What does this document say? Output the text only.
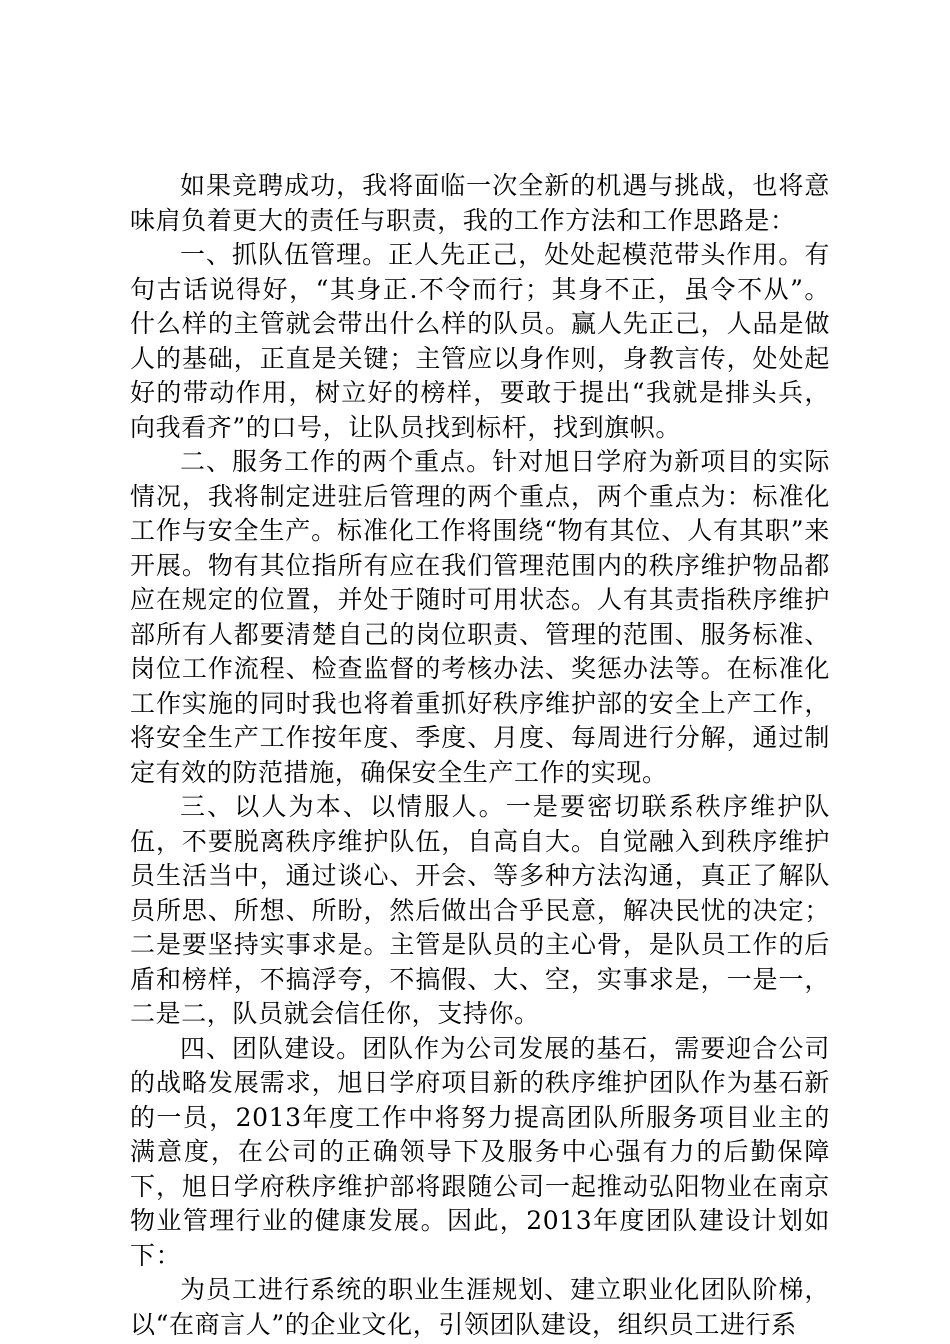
如果竞聘成功，我将面临一次全新的机遇与挑战，也将意味肩负着更大的责任与职责，我的工作方法和工作思路是：

一、抓队伍管理。正人先正己，处处起模范带头作用。有句古话说得好，“其身正.不令而行；其身不正，虽令不从”。什么样的主管就会带出什么样的队员。赢人先正己，人品是做人的基础，正直是关键；主管应以身作则，身教言传，处处起好的带动作用，树立好的榜样，要敢于提出“我就是排头兵，向我看齐”的口号，让队员找到标杆，找到旗帜。

二、服务工作的两个重点。针对旭日学府为新项目的实际情况，我将制定进驻后管理的两个重点，两个重点为：标准化工作与安全生产。标准化工作将围绕“物有其位、人有其职”来开展。物有其位指所有应在我们管理范围内的秩序维护物品都应在规定的位置，并处于随时可用状态。人有其责指秩序维护部所有人都要清楚自己的岗位职责、管理的范围、服务标准、岗位工作流程、检查监督的考核办法、奖惩办法等。在标准化工作实施的同时我也将着重抓好秩序维护部的安全上产工作，将安全生产工作按年度、季度、月度、每周进行分解，通过制定有效的防范措施，确保安全生产工作的实现。

三、以人为本、以情服人。一是要密切联系秩序维护队伍，不要脱离秩序维护队伍，自高自大。自觉融入到秩序维护员生活当中，通过谈心、开会、等多种方法沟通，真正了解队员所思、所想、所盼，然后做出合乎民意，解决民忧的决定；二是要坚持实事求是。主管是队员的主心骨，是队员工作的后盾和榜样，不搞浮夸，不搞假、大、空，实事求是，一是一，二是二，队员就会信任你，支持你。

四、团队建设。团队作为公司发展的基石，需要迎合公司的战略发展需求，旭日学府项目新的秩序维护团队作为基石新的一员，2013年度工作中将努力提高团队所服务项目业主的满意度，在公司的正确领导下及服务中心强有力的后勤保障下，旭日学府秩序维护部将跟随公司一起推动弘阳物业在南京物业管理行业的健康发展。因此，2013年度团队建设计划如下：

为员工进行系统的职业生涯规划、建立职业化团队阶梯，以“在商言人”的企业文化，引领团队建设，组织员工进行系
